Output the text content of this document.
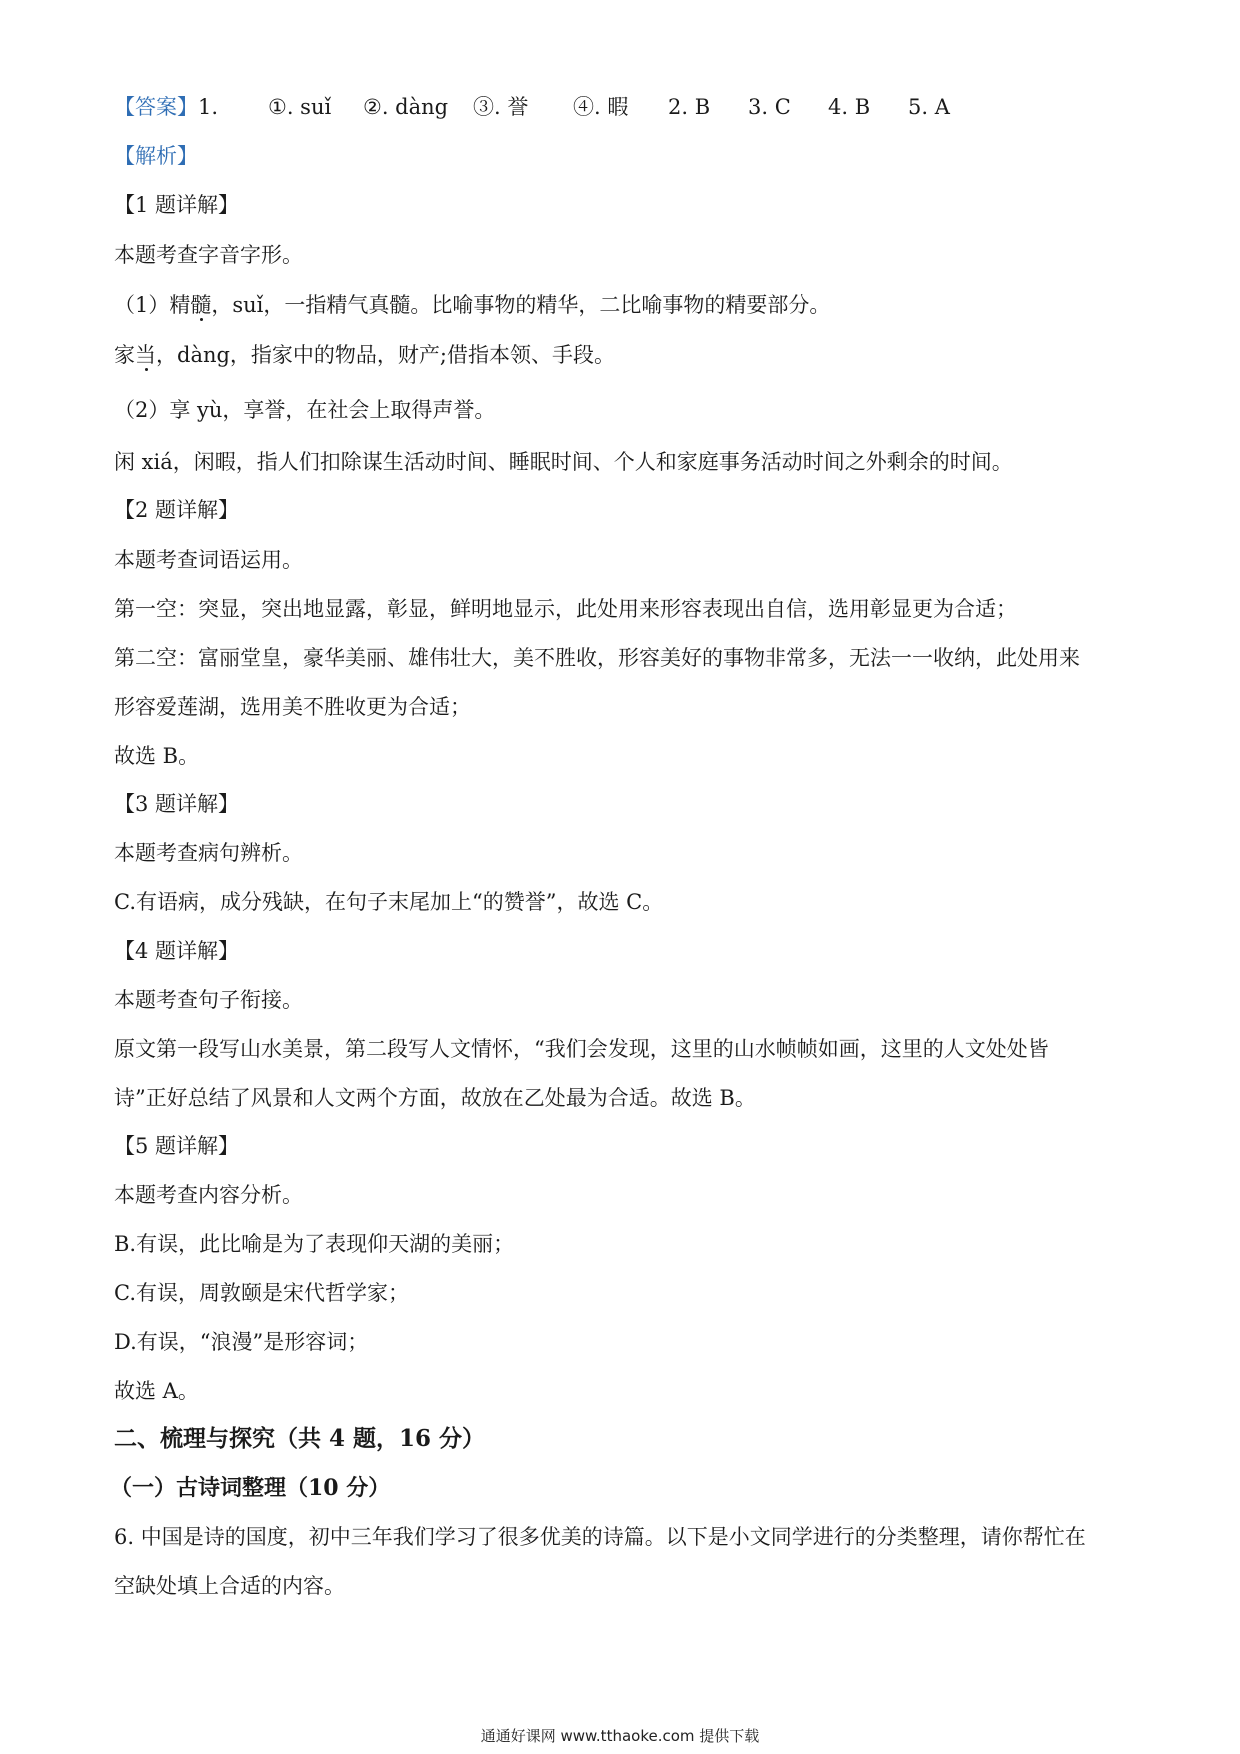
【答案】 1.	①. suǐ	②. dàng	③. 誉	④. 暇	2. B	3. C	4. B	5. A
【解析】
【1 题详解】
本题考查字音字形。
（1）精髓，suǐ，一指精气真髓。比喻事物的精华，二比喻事物的精要部分。
家当，dàng，指家中的物品，财产;借指本领、手段。
（2）享 yù，享誉，在社会上取得声誉。
闲 xiá，闲暇，指人们扣除谋生活动时间、睡眠时间、个人和家庭事务活动时间之外剩余的时间。
【2 题详解】
本题考查词语运用。
第一空：突显，突出地显露，彰显，鲜明地显示，此处用来形容表现出自信，选用彰显更为合适；
第二空：富丽堂皇，豪华美丽、雄伟壮大，美不胜收，形容美好的事物非常多，无法一一收纳，此处用来
形容爱莲湖，选用美不胜收更为合适；
故选 B。
【3 题详解】
本题考查病句辨析。
C.有语病，成分残缺，在句子末尾加上“的赞誉”，故选 C。
【4 题详解】
本题考查句子衔接。
原文第一段写山水美景，第二段写人文情怀，“我们会发现，这里的山水帧帧如画，这里的人文处处皆
诗”正好总结了风景和人文两个方面，故放在乙处最为合适。故选 B。
【5 题详解】
本题考查内容分析。
B.有误，此比喻是为了表现仰天湖的美丽；
C.有误，周敦颐是宋代哲学家；
D.有误，“浪漫”是形容词；
故选 A。
二、梳理与探究（共 4 题，16 分）
（一）古诗词整理（10 分）
6. 中国是诗的国度，初中三年我们学习了很多优美的诗篇。以下是小文同学进行的分类整理，请你帮忙在
空缺处填上合适的内容。
通通好课网 www.tthaoke.com 提供下载
